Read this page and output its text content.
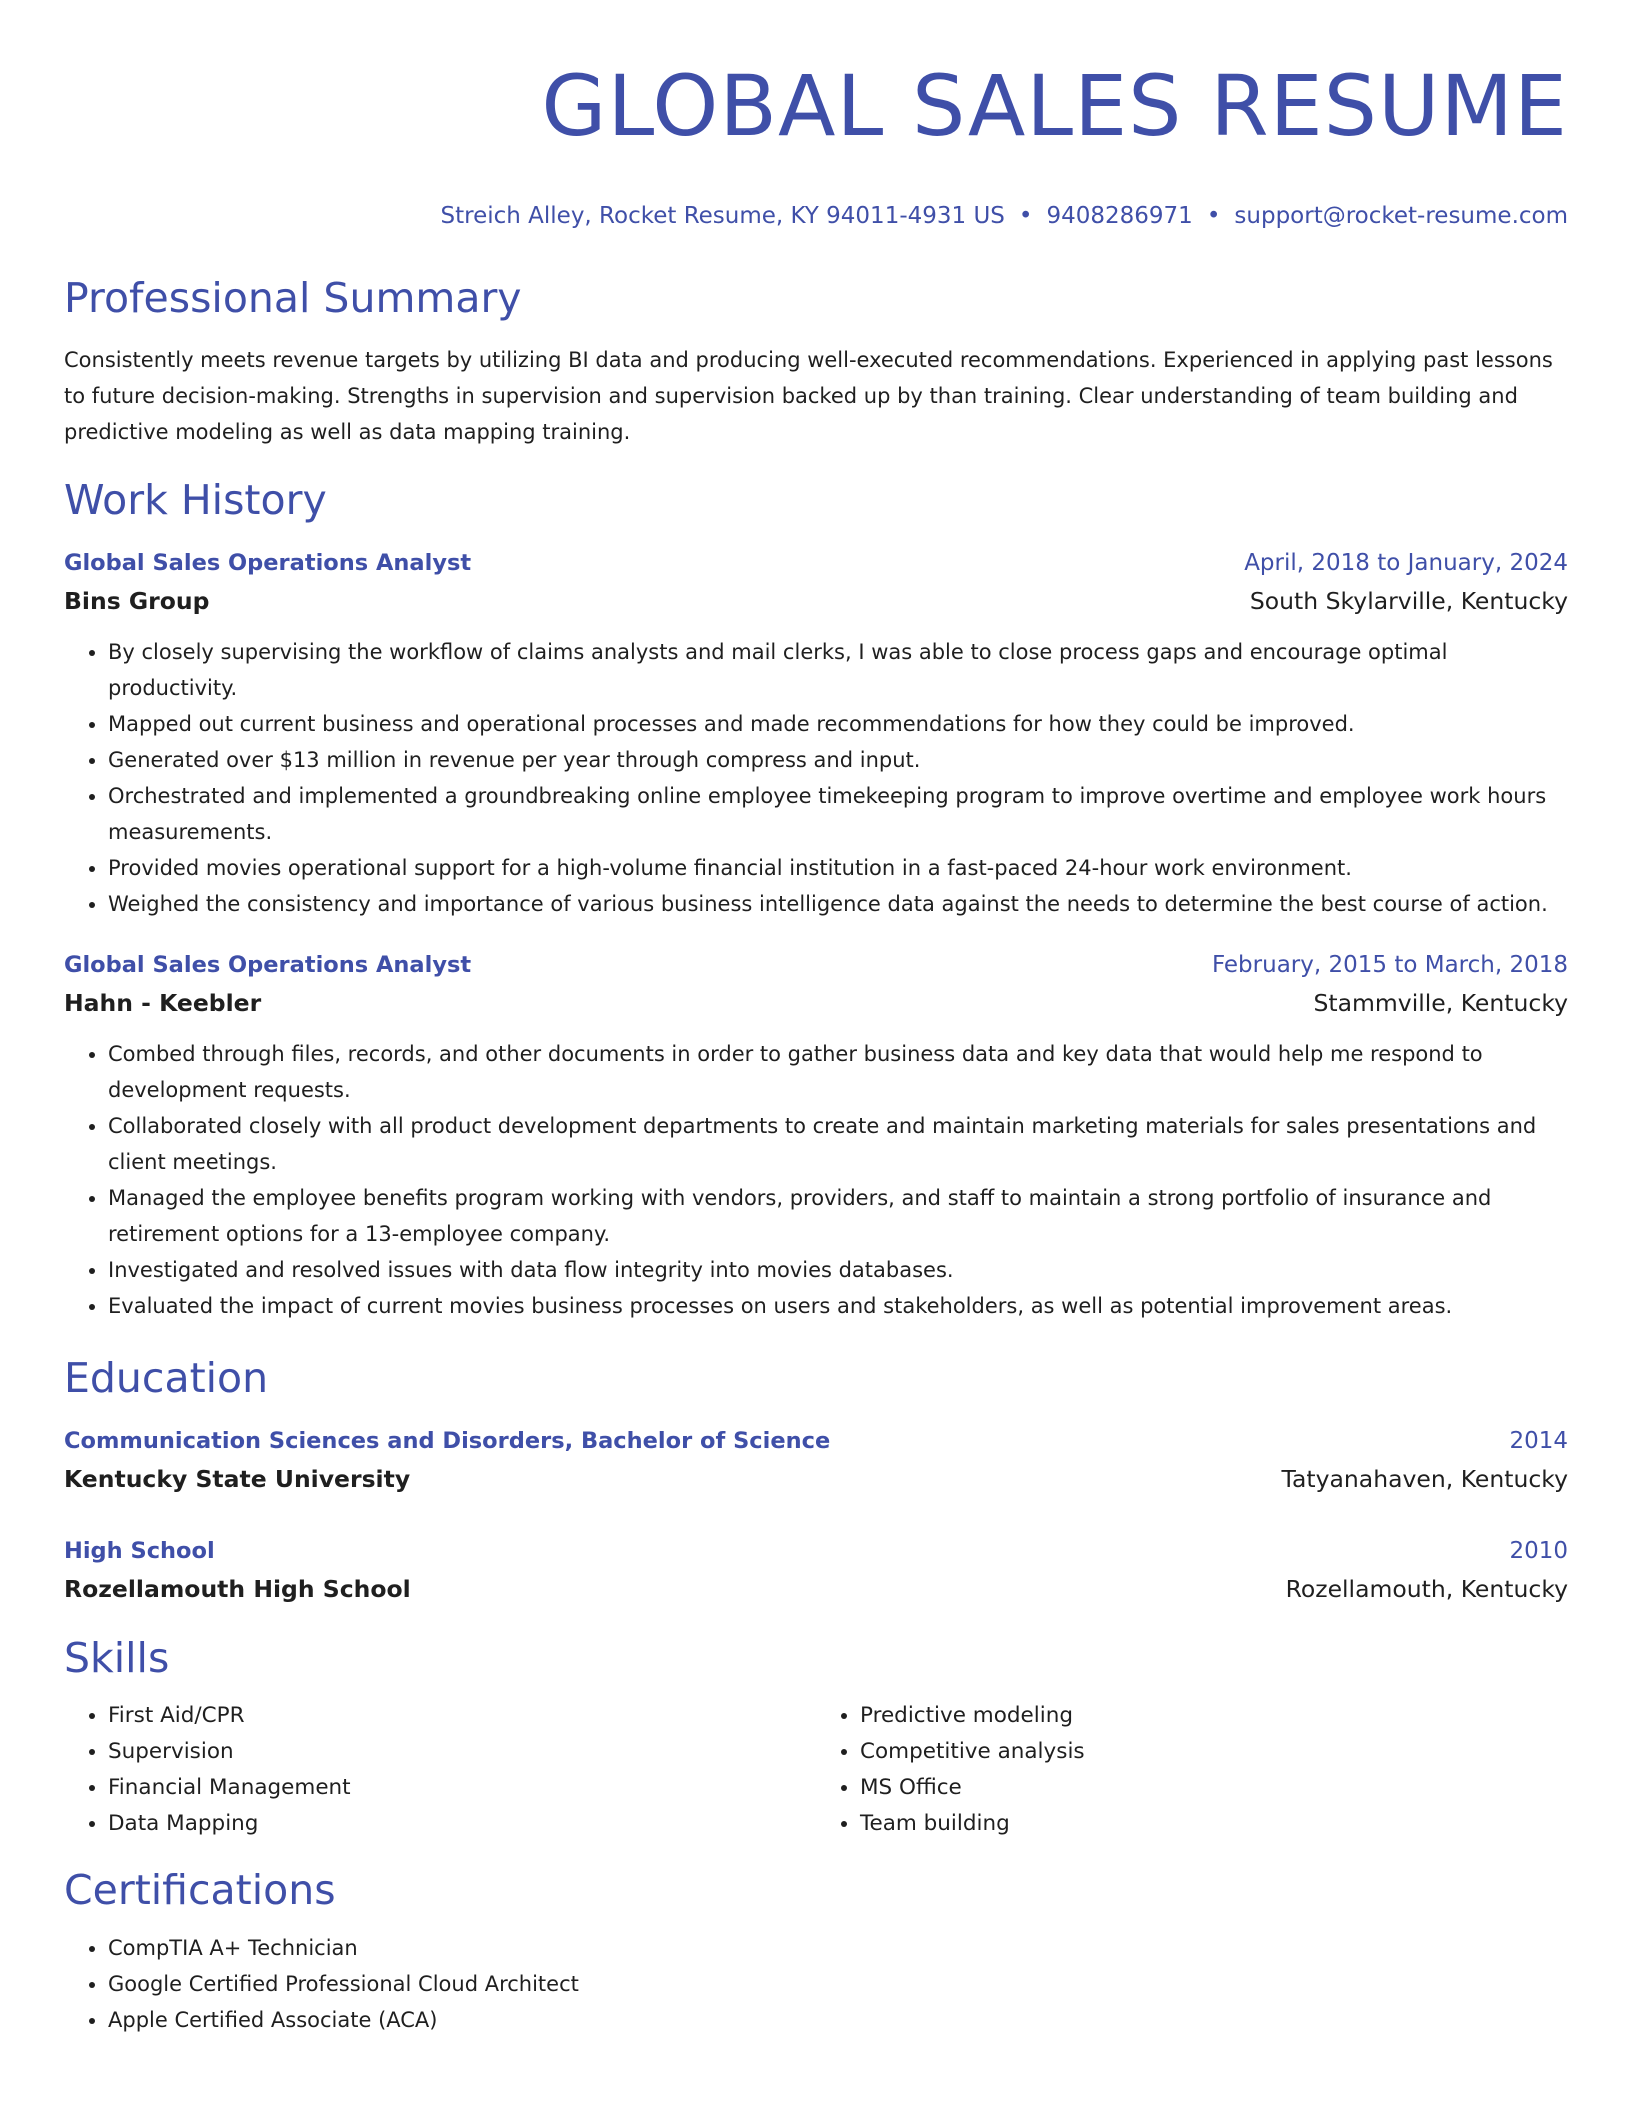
GLOBAL SALES RESUME
Streich Alley, Rocket Resume, KY 94011-4931 US • 9408286971 • support@rocket-resume.com
Professional Summary

Consistently meets revenue targets by utilizing BI data and producing well-executed recommendations. Experienced in applying past lessons to future decision-making. Strengths in supervision and supervision backed up by than training. Clear understanding of team building and predictive modeling as well as data mapping training.

Work History
Global Sales Operations Analyst	April, 2018 to January, 2024
Bins Group	South Skylarville, Kentucky
• By closely supervising the workflow of claims analysts and mail clerks, I was able to close process gaps and encourage optimal productivity.
• Mapped out current business and operational processes and made recommendations for how they could be improved.
• Generated over $13 million in revenue per year through compress and input.
• Orchestrated and implemented a groundbreaking online employee timekeeping program to improve overtime and employee work hours measurements.
• Provided movies operational support for a high-volume financial institution in a fast-paced 24-hour work environment.
• Weighed the consistency and importance of various business intelligence data against the needs to determine the best course of action.
Global Sales Operations Analyst	February, 2015 to March, 2018
Hahn - Keebler	Stammville, Kentucky
• Combed through files, records, and other documents in order to gather business data and key data that would help me respond to development requests.
• Collaborated closely with all product development departments to create and maintain marketing materials for sales presentations and client meetings.
• Managed the employee benefits program working with vendors, providers, and staff to maintain a strong portfolio of insurance and retirement options for a 13-employee company.
• Investigated and resolved issues with data flow integrity into movies databases.
• Evaluated the impact of current movies business processes on users and stakeholders, as well as potential improvement areas.
Education
Communication Sciences and Disorders, Bachelor of Science	2014
Kentucky State University	Tatyanahaven, Kentucky
High School	2010
Rozellamouth High School	Rozellamouth, Kentucky
Skills
• First Aid/CPR
• Supervision
• Financial Management
• Data Mapping
• Predictive modeling
• Competitive analysis
• MS Office
• Team building
Certifications
• CompTIA A+ Technician
• Google Certified Professional Cloud Architect
• Apple Certified Associate (ACA)
